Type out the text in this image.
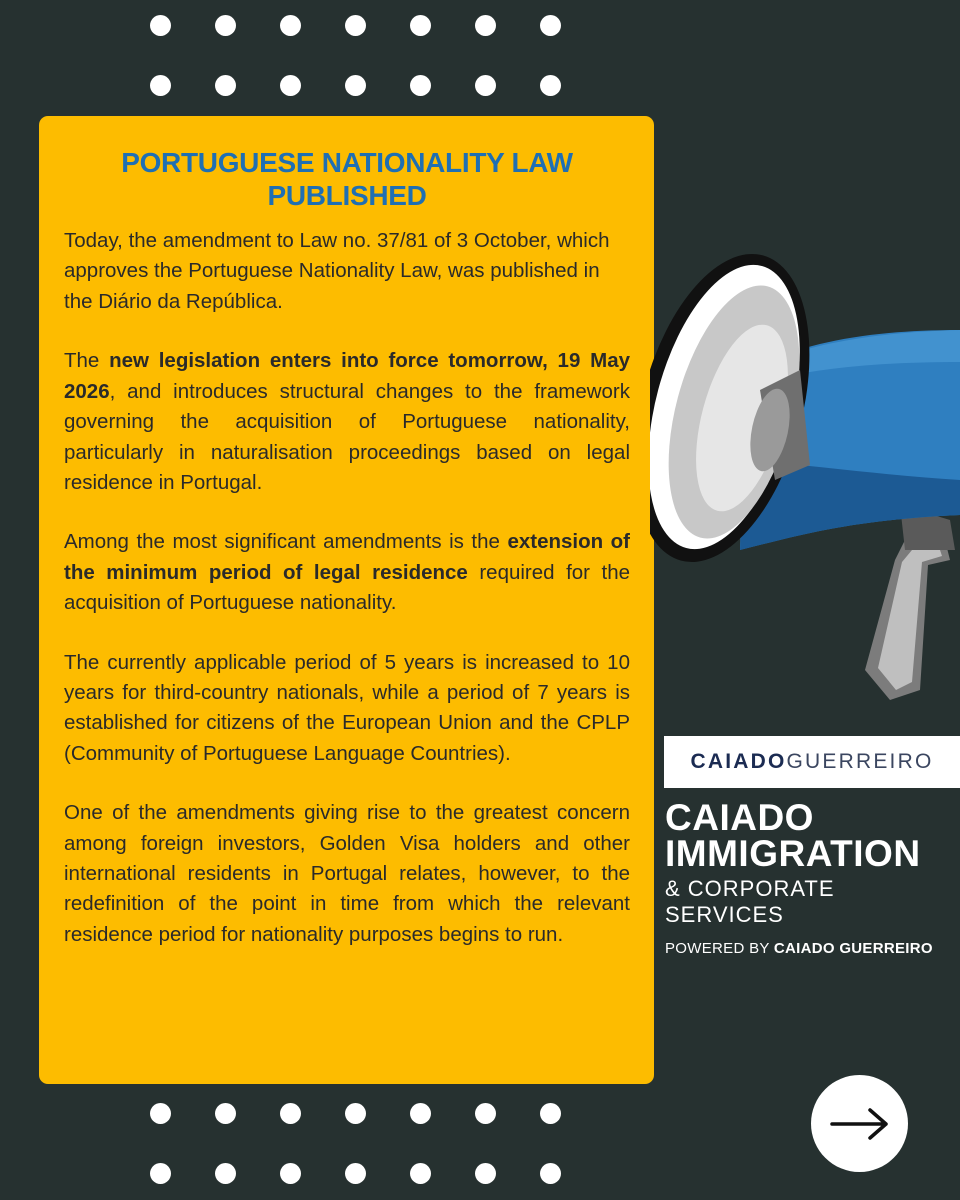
PORTUGUESE NATIONALITY LAW
PUBLISHED

Today, the amendment to Law no. 37/81 of 3 October, which approves the Portuguese Nationality Law, was published in the Diário da República.

The new legislation enters into force tomorrow, 19 May 2026, and introduces structural changes to the framework governing the acquisition of Portuguese nationality, particularly in naturalisation proceedings based on legal residence in Portugal.

Among the most significant amendments is the extension of the minimum period of legal residence required for the acquisition of Portuguese nationality.

The currently applicable period of 5 years is increased to 10 years for third-country nationals, while a period of 7 years is established for citizens of the European Union and the CPLP (Community of Portuguese Language Countries).

One of the amendments giving rise to the greatest concern among foreign investors, Golden Visa holders and other international residents in Portugal relates, however, to the redefinition of the point in time from which the relevant residence period for nationality purposes begins to run.

CAIADO GUERREIRO
CAIADO
IMMIGRATION
& CORPORATE SERVICES
POWERED BY CAIADO GUERREIRO
